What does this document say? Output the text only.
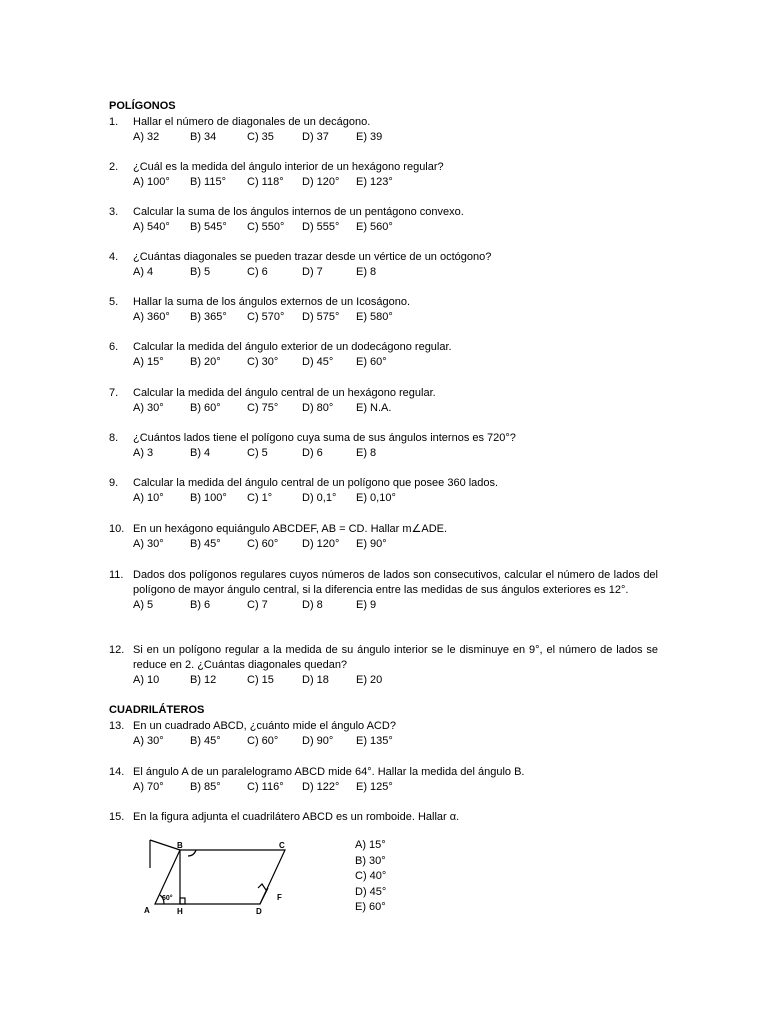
POLÍGONOS
1. Hallar el número de diagonales de un decágono.
A) 32	B) 34	C) 35	D) 37 E) 39
2. ¿Cuál es la medida del ángulo interior de un hexágono regular?
A) 100° B) 115° C) 118° D) 120° E) 123°
3. Calcular la suma de los ángulos internos de un pentágono convexo.
A) 540° B) 545° C) 550° D) 555° E) 560°
4. ¿Cuántas diagonales se pueden trazar desde un vértice de un octógono?
A) 4	B) 5	C) 6	D) 7	E) 8
5. Hallar la suma de los ángulos externos de un Icoságono.
A) 360° B) 365° C) 570° D) 575° E) 580°
6. Calcular la medida del ángulo exterior de un dodecágono regular.
A) 15° B) 20° C) 30° D) 45° E) 60°
7. Calcular la medida del ángulo central de un hexágono regular.
A) 30° B) 60° C) 75° D) 80° E) N.A.
8. ¿Cuántos lados tiene el polígono cuya suma de sus ángulos internos es 720°?
A) 3	B) 4	C) 5	D) 6	E) 8
9. Calcular la medida del ángulo central de un polígono que posee 360 lados.
A) 10° B) 100° C) 1°	D) 0,1° E) 0,10°
10. En un hexágono equiángulo ABCDEF, AB = CD. Hallar m∠ADE.
A) 30° B) 45° C) 60° D) 120° E) 90°
11. Dados dos polígonos regulares cuyos números de lados son consecutivos, calcular el número de lados del polígono de mayor ángulo central, si la diferencia entre las medidas de sus ángulos exteriores es 12°.
A) 5	B) 6	C) 7	D) 8	E) 9
12. Si en un polígono regular a la medida de su ángulo interior se le disminuye en 9°, el número de lados se reduce en 2. ¿Cuántas diagonales quedan?
A) 10	B) 12	C) 15	D) 18 E) 20
CUADRILÁTEROS
13. En un cuadrado ABCD, ¿cuánto mide el ángulo ACD?
A) 30° B) 45° C) 60° D) 90° E) 135°
14. El ángulo A de un paralelogramo ABCD mide 64°. Hallar la medida del ángulo B.
A) 70° B) 85° C) 116° D) 122° E) 125°
15. En la figura adjunta el cuadrilátero ABCD es un romboide. Hallar α.
A
B	C
D
F
H
60°
A) 15°
B) 30°
C) 40°
D) 45°
E) 60°
